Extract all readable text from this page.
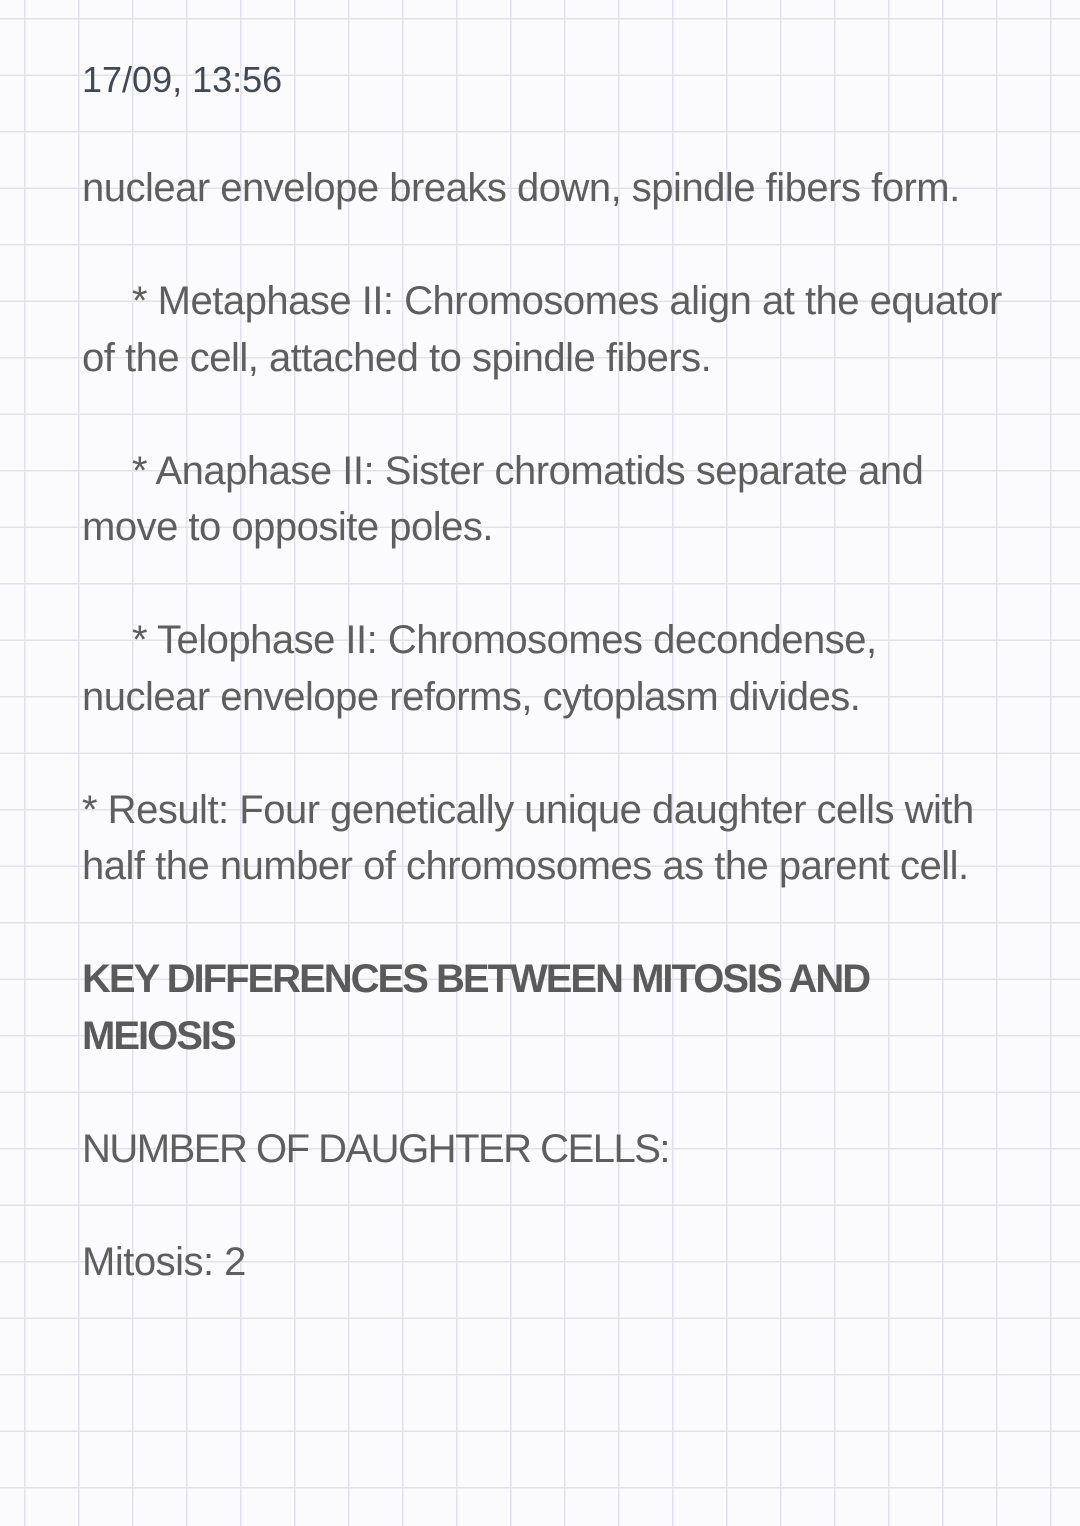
17/09, 13:56

nuclear envelope breaks down, spindle fibers form.

* Metaphase II: Chromosomes align at the equator of the cell, attached to spindle fibers.

* Anaphase II: Sister chromatids separate and move to opposite poles.

* Telophase II: Chromosomes decondense, nuclear envelope reforms, cytoplasm divides.

* Result: Four genetically unique daughter cells with half the number of chromosomes as the parent cell.

KEY DIFFERENCES BETWEEN MITOSIS AND MEIOSIS

NUMBER OF DAUGHTER CELLS:

Mitosis: 2
